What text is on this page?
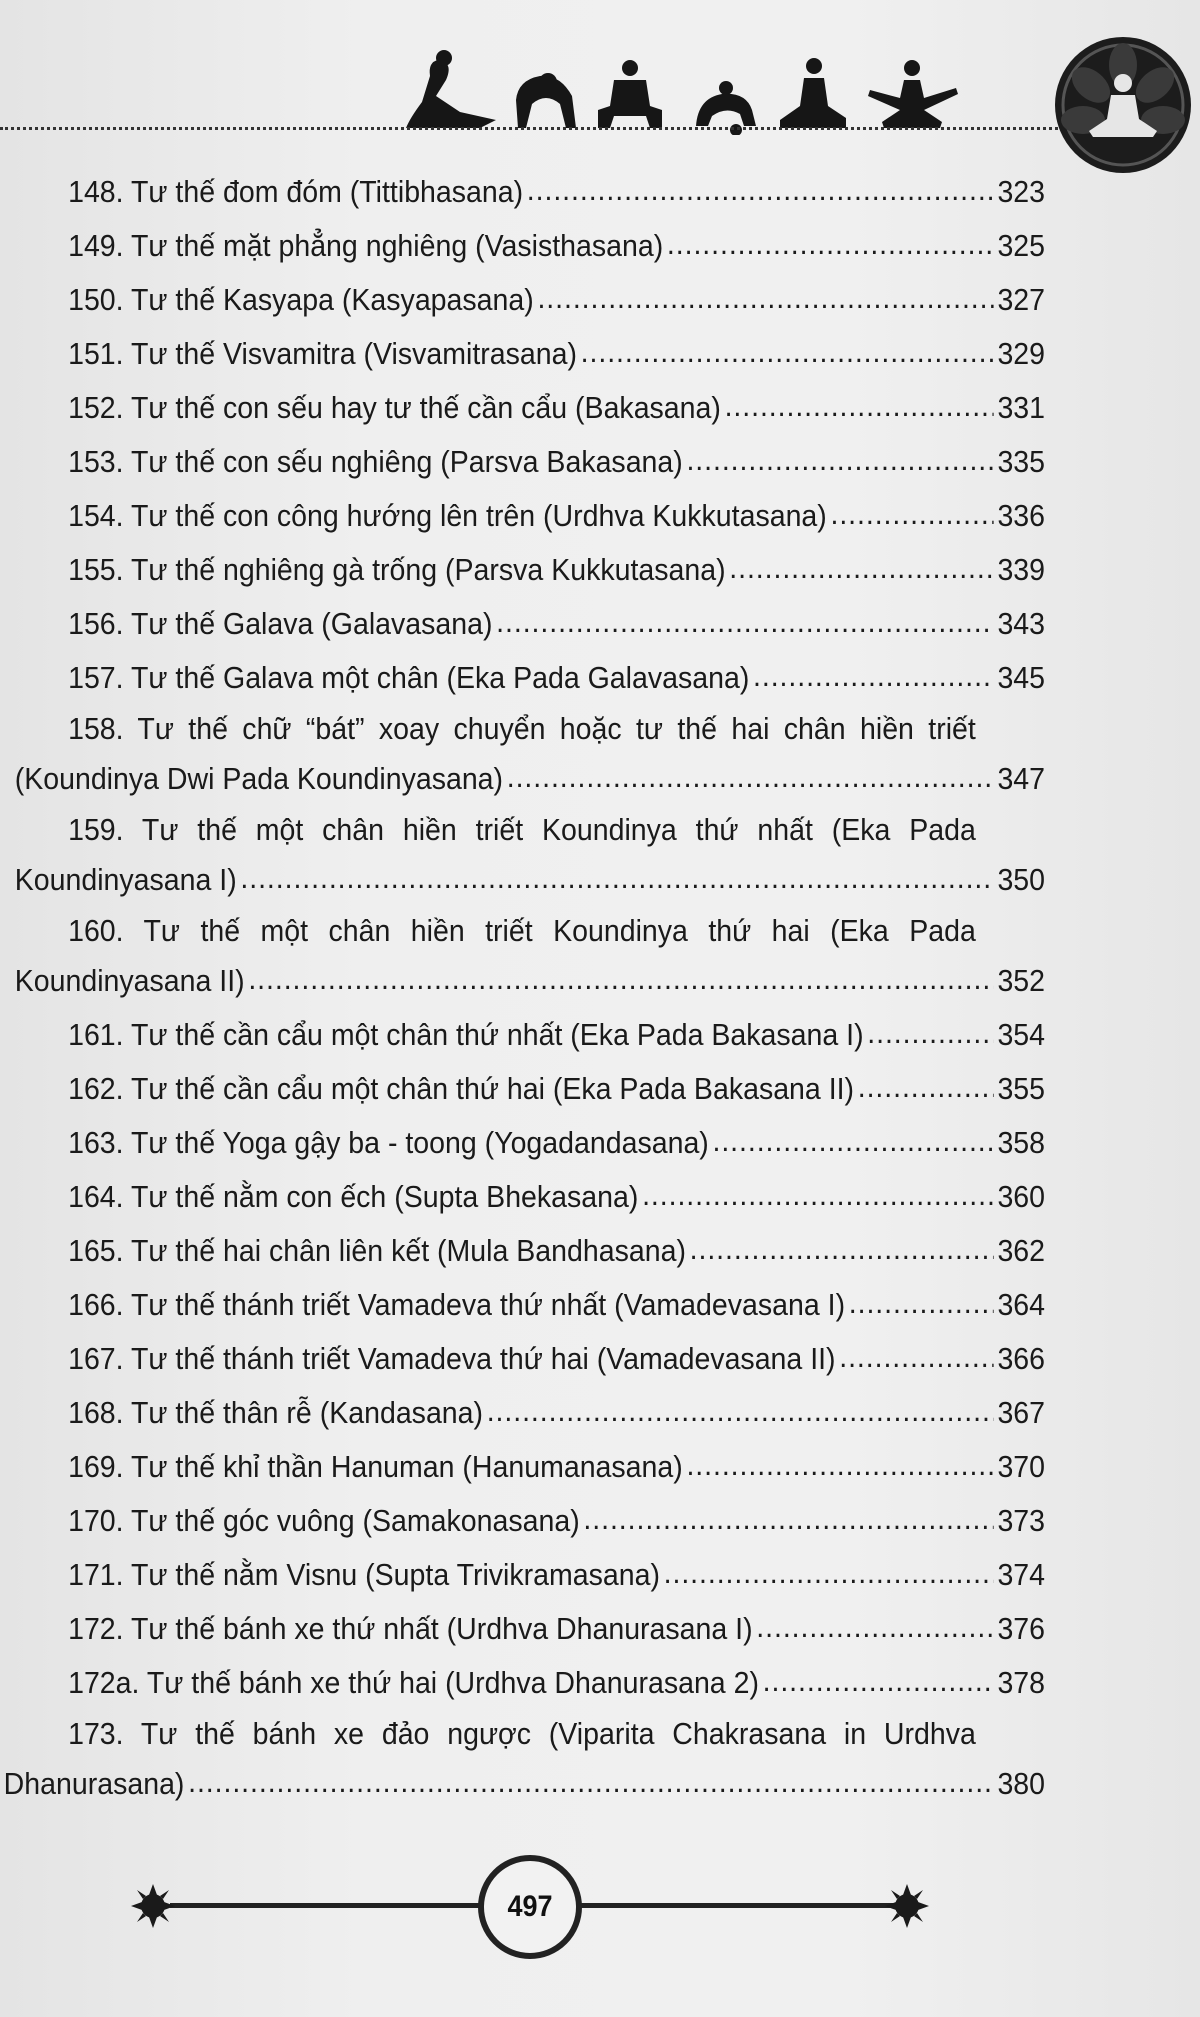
148. Tư thế đom đóm (Tittibhasana) .....	323
149. Tư thế mặt phẳng nghiêng (Vasisthasana) .....	325
150. Tư thế Kasyapa (Kasyapasana) .....	327
151. Tư thế Visvamitra (Visvamitrasana) .....	329
152. Tư thế con sếu hay tư thế cần cẩu (Bakasana) .....	331
153. Tư thế con sếu nghiêng (Parsva Bakasana) .....	335
154. Tư thế con công hướng lên trên (Urdhva Kukkutasana) .....	336
155. Tư thế nghiêng gà trống (Parsva Kukkutasana) .....	339
156. Tư thế Galava (Galavasana) .....	343
157. Tư thế Galava một chân (Eka Pada Galavasana) .....	345
158. Tư thế chữ “bát” xoay chuyển hoặc tư thế hai chân hiền triết
(Koundinya Dwi Pada Koundinyasana) .....	347
159. Tư thế một chân hiền triết Koundinya thứ nhất (Eka Pada
Koundinyasana I) .....	350
160. Tư thế một chân hiền triết Koundinya thứ hai (Eka Pada
Koundinyasana II) .....	352
161. Tư thế cần cẩu một chân thứ nhất (Eka Pada Bakasana I) .....	354
162. Tư thế cần cẩu một chân thứ hai (Eka Pada Bakasana II) .....	355
163. Tư thế Yoga gậy ba - toong (Yogadandasana) .....	358
164. Tư thế nằm con ếch (Supta Bhekasana) .....	360
165. Tư thế hai chân liên kết (Mula Bandhasana) .....	362
166. Tư thế thánh triết Vamadeva thứ nhất (Vamadevasana I) .....	364
167. Tư thế thánh triết Vamadeva thứ hai (Vamadevasana II) .....	366
168. Tư thế thân rễ (Kandasana) .....	367
169. Tư thế khỉ thần Hanuman (Hanumanasana) .....	370
170. Tư thế góc vuông (Samakonasana) .....	373
171. Tư thế nằm Visnu (Supta Trivikramasana) .....	374
172. Tư thế bánh xe thứ nhất (Urdhva Dhanurasana I) .....	376
172a. Tư thế bánh xe thứ hai (Urdhva Dhanurasana 2) .....	378
173. Tư thế bánh xe đảo ngược (Viparita Chakrasana in Urdhva
Dhanurasana) .....	380
497
